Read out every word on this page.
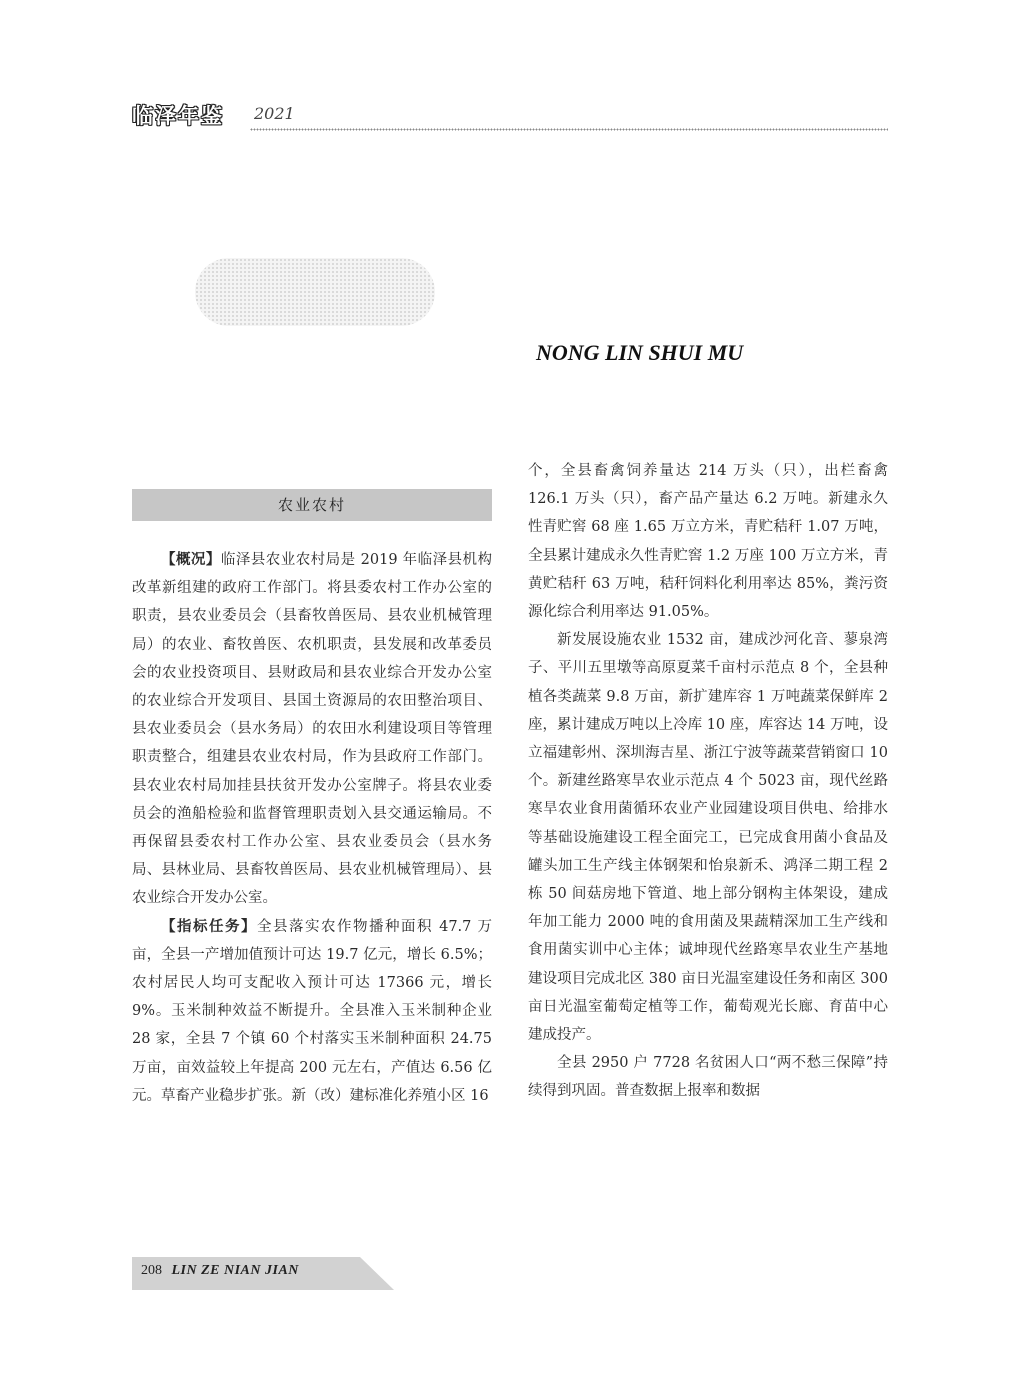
临泽年鉴 2021
NONG LIN SHUI MU
农业农村

【概况】临泽县农业农村局是 2019 年临泽县机构改革新组建的政府工作部门。将县委农村工作办公室的职责，县农业委员会（县畜牧兽医局、县农业机械管理局）的农业、畜牧兽医、农机职责，县发展和改革委员会的农业投资项目、县财政局和县农业综合开发办公室的农业综合开发项目、县国土资源局的农田整治项目、县农业委员会（县水务局）的农田水利建设项目等管理职责整合，组建县农业农村局，作为县政府工作部门。县农业农村局加挂县扶贫开发办公室牌子。将县农业委员会的渔船检验和监督管理职责划入县交通运输局。不再保留县委农村工作办公室、县农业委员会（县水务局、县林业局、县畜牧兽医局、县农业机械管理局）、县农业综合开发办公室。

【指标任务】全县落实农作物播种面积 47.7 万亩，全县一产增加值预计可达 19.7 亿元，增长 6.5%；农村居民人均可支配收入预计可达 17366 元，增长 9%。玉米制种效益不断提升。全县准入玉米制种企业 28 家，全县 7 个镇 60 个村落实玉米制种面积 24.75 万亩，亩效益较上年提高 200 元左右，产值达 6.56 亿元。草畜产业稳步扩张。新（改）建标准化养殖小区 16

个，全县畜禽饲养量达 214 万头（只），出栏畜禽 126.1 万头（只），畜产品产量达 6.2 万吨。新建永久性青贮窖 68 座 1.65 万立方米，青贮秸秆 1.07 万吨，全县累计建成永久性青贮窖 1.2 万座 100 万立方米，青黄贮秸秆 63 万吨，秸秆饲料化利用率达 85%，粪污资源化综合利用率达 91.05%。

新发展设施农业 1532 亩，建成沙河化音、蓼泉湾子、平川五里墩等高原夏菜千亩村示范点 8 个，全县种植各类蔬菜 9.8 万亩，新扩建库容 1 万吨蔬菜保鲜库 2 座，累计建成万吨以上冷库 10 座，库容达 14 万吨，设立福建彰州、深圳海吉星、浙江宁波等蔬菜营销窗口 10 个。新建丝路寒旱农业示范点 4 个 5023 亩，现代丝路寒旱农业食用菌循环农业产业园建设项目供电、给排水等基础设施建设工程全面完工，已完成食用菌小食品及罐头加工生产线主体钢架和怡泉新禾、鸿泽二期工程 2 栋 50 间菇房地下管道、地上部分钢构主体架设，建成年加工能力 2000 吨的食用菌及果蔬精深加工生产线和食用菌实训中心主体；诚坤现代丝路寒旱农业生产基地建设项目完成北区 380 亩日光温室建设任务和南区 300 亩日光温室葡萄定植等工作，葡萄观光长廊、育苗中心建成投产。

全县 2950 户 7728 名贫困人口“两不愁三保障”持续得到巩固。普查数据上报率和数据

208 LIN ZE NIAN JIAN
